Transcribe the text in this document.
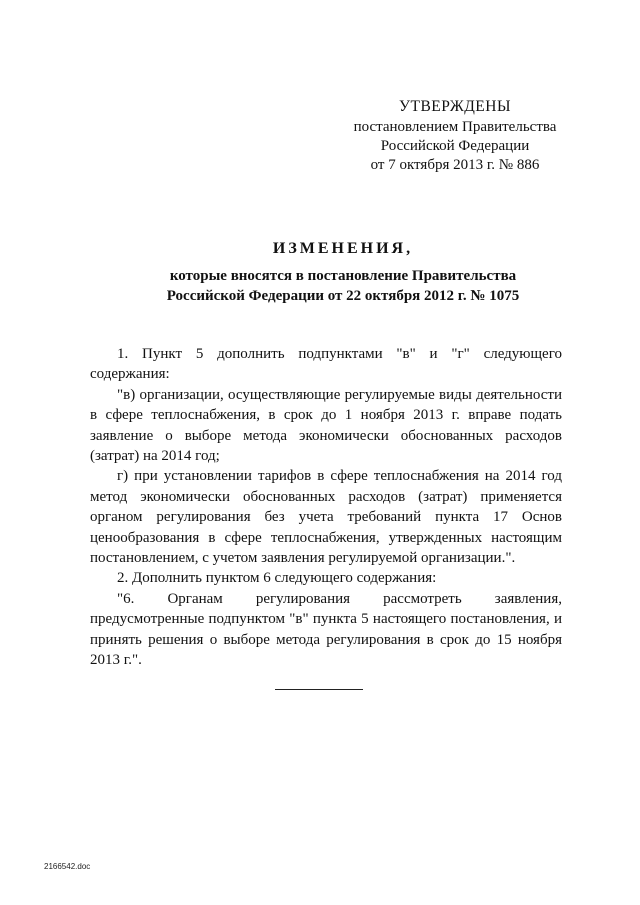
УТВЕРЖДЕНЫ
постановлением Правительства
Российской Федерации
от 7 октября 2013 г. № 886
ИЗМЕНЕНИЯ,
которые вносятся в постановление Правительства
Российской Федерации от 22 октября 2012 г. № 1075

1. Пункт 5 дополнить подпунктами "в" и "г" следующего содержания:

"в) организации, осуществляющие регулируемые виды деятельности в сфере теплоснабжения, в срок до 1 ноября 2013 г. вправе подать заявление о выборе метода экономически обоснованных расходов (затрат) на 2014 год;

г) при установлении тарифов в сфере теплоснабжения на 2014 год метод экономически обоснованных расходов (затрат) применяется органом регулирования без учета требований пункта 17 Основ ценообразования в сфере теплоснабжения, утвержденных настоящим постановлением, с учетом заявления регулируемой организации.".

2. Дополнить пунктом 6 следующего содержания:

"6. Органам регулирования рассмотреть заявления, предусмотренные подпунктом "в" пункта 5 настоящего постановления, и принять решения о выборе метода регулирования в срок до 15 ноября 2013 г.".

2166542.doc
